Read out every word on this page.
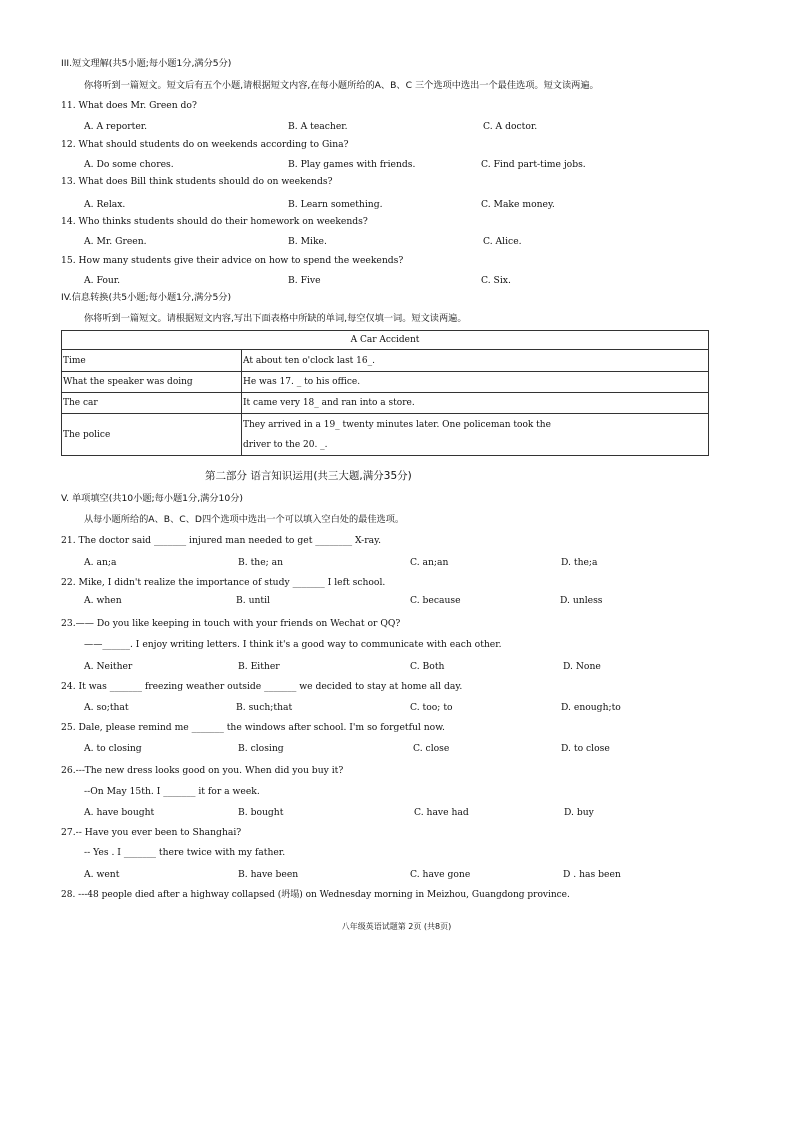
III.短文理解(共5小题;每小题1分,满分5分)
你将听到一篇短文。短文后有五个小题,请根据短文内容,在每小题所给的A、B、C 三个选项中选出一个最佳选项。短文读两遍。
11. What does Mr. Green do?
A. A reporter.	B. A teacher.	C. A doctor.
12. What should students do on weekends according to Gina?
A. Do some chores.	B. Play games with friends.	C. Find part-time jobs.
13. What does Bill think students should do on weekends?
A. Relax.	B. Learn something.	C. Make money.
14. Who thinks students should do their homework on weekends?
A. Mr. Green.	B. Mike.	C. Alice.
15. How many students give their advice on how to spend the weekends?
A. Four.	B. Five	C. Six.
IV.信息转换(共5小题;每小题1分,满分5分)
你将听到一篇短文。请根据短文内容,写出下面表格中所缺的单词,每空仅填一词。短文读两遍。
A Car Accident	
Time	At about ten o'clock last 16_.
What the speaker was doing	He was 17. _ to his office.
The car	It came very 18_ and ran into a store.
The police	They arrived in a 19_ twenty minutes later. One policeman took the
driver to the 20. _.
第二部分 语言知识运用(共三大题,满分35分)
V. 单项填空(共10小题;每小题1分,满分10分)
从每小题所给的A、B、C、D四个选项中选出一个可以填入空白处的最佳选项。
21. The doctor said _______ injured man needed to get ________ X-ray.
A. an;a	B. the; an	C. an;an	D. the;a
22. Mike, I didn't realize the importance of study _______ I left school.
A. when	B. until	C. because	D. unless
23.—— Do you like keeping in touch with your friends on Wechat or QQ?
——______. I enjoy writing letters. I think it's a good way to communicate with each other.
A. Neither	B. Either	C. Both	D. None
24. It was _______ freezing weather outside _______ we decided to stay at home all day.
A. so;that	B. such;that	C. too; to	D. enough;to
25. Dale, please remind me _______ the windows after school. I'm so forgetful now.
A. to closing	B. closing	C. close	D. to close
26.---The new dress looks good on you. When did you buy it?
--On May 15th. I _______ it for a week.
A. have bought	B. bought	C. have had	D. buy
27.-- Have you ever been to Shanghai?
-- Yes . I _______ there twice with my father.
A. went	B. have been	C. have gone	D . has been
28. ---48 people died after a highway collapsed (坍塌) on Wednesday morning in Meizhou, Guangdong province.
八年级英语试题第 2页 (共8页)
